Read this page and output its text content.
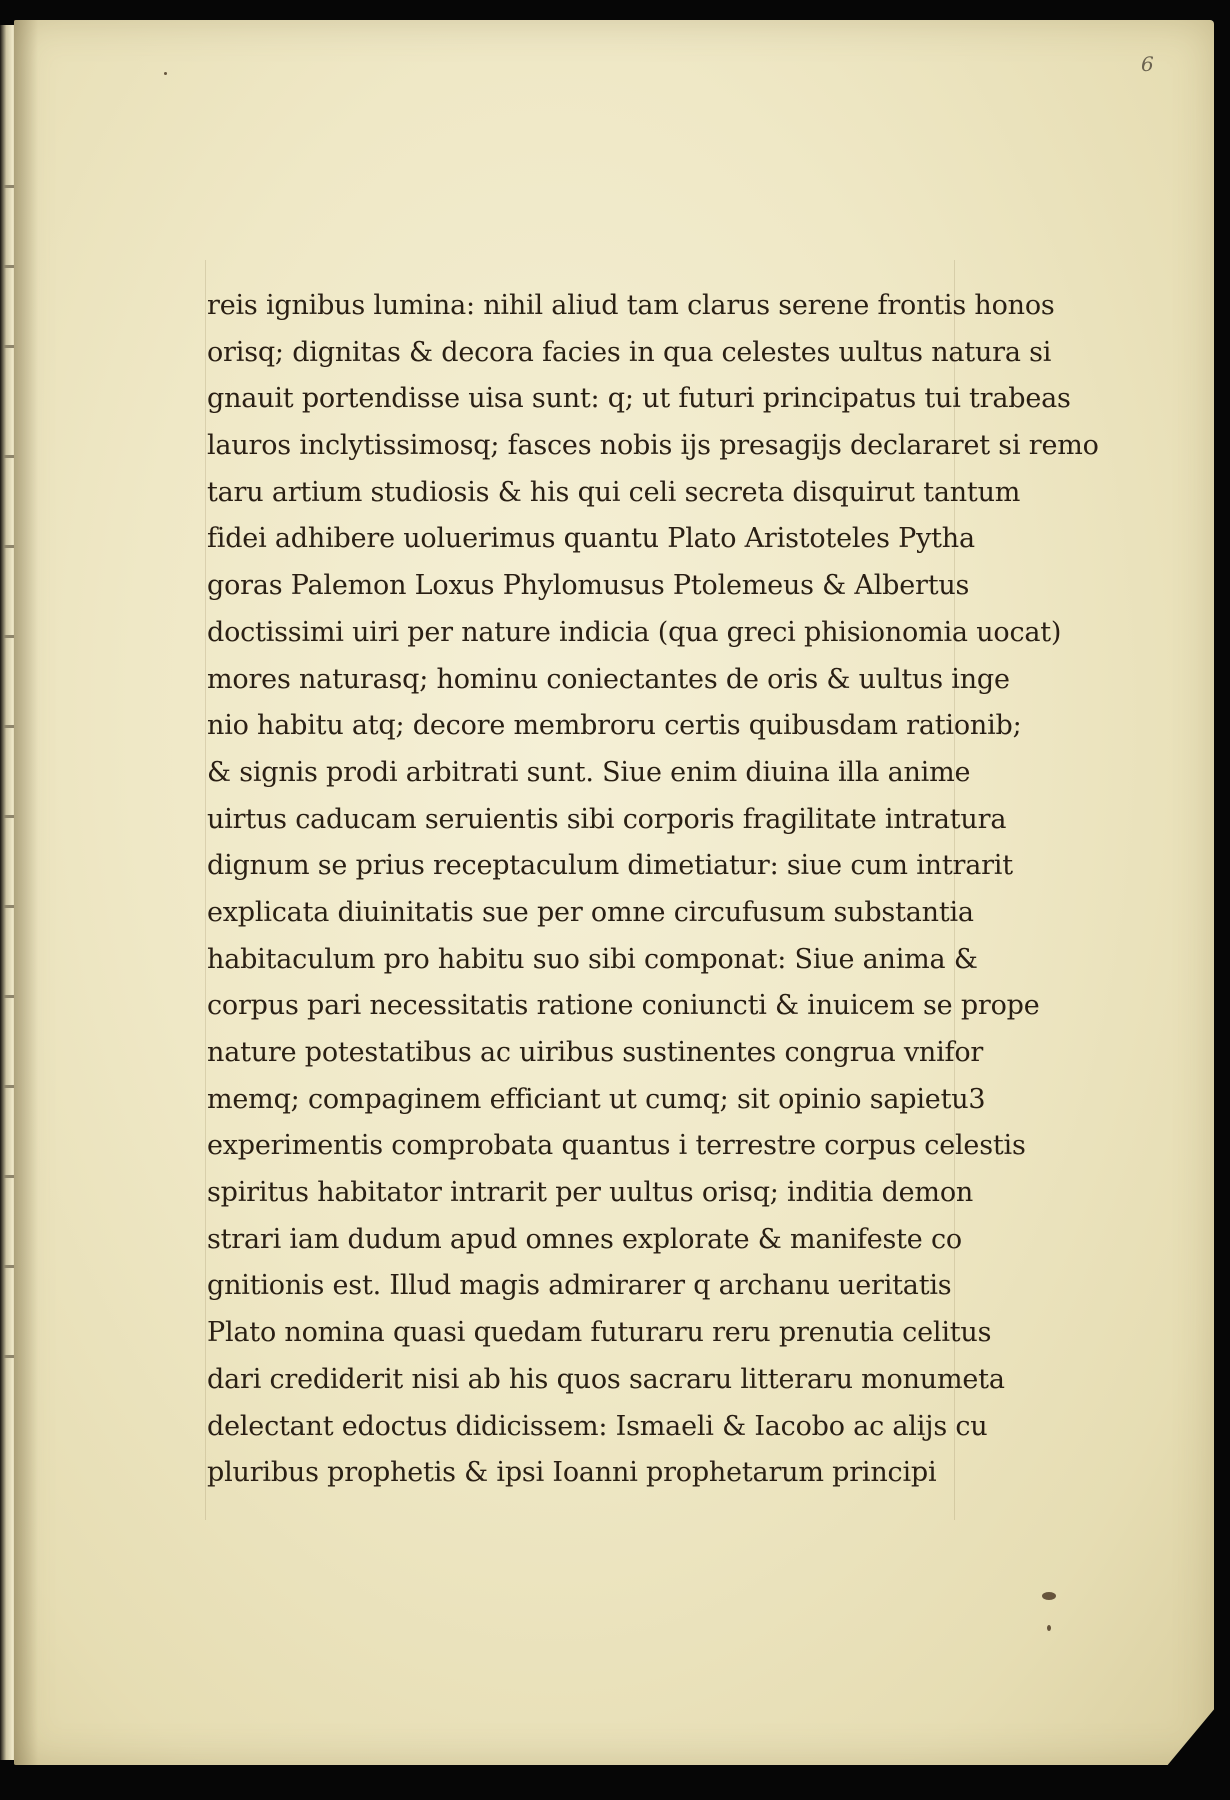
6
reis ignibus lumina: nihil aliud tam clarus serene frontis honos
orisq; dignitas & decora facies in qua celestes uultus natura si
gnauit portendisse uisa sunt: q; ut futuri principatus tui trabeas
lauros inclytissimosq; fasces nobis ijs presagijs declararet si remo
taru artium studiosis & his qui celi secreta disquirut tantum
fidei adhibere uoluerimus quantu Plato Aristoteles Pytha
goras Palemon Loxus Phylomusus Ptolemeus & Albertus
doctissimi uiri per nature indicia (qua greci phisionomia uocat)
mores naturasq; hominu coniectantes de oris & uultus inge
nio habitu atq; decore membroru certis quibusdam rationib;
& signis prodi arbitrati sunt. Siue enim diuina illa anime
uirtus caducam seruientis sibi corporis fragilitate intratura
dignum se prius receptaculum dimetiatur: siue cum intrarit
explicata diuinitatis sue per omne circufusum substantia
habitaculum pro habitu suo sibi componat: Siue anima &
corpus pari necessitatis ratione coniuncti & inuicem se prope
nature potestatibus ac uiribus sustinentes congrua vnifor
memq; compaginem efficiant ut cumq; sit opinio sapietu3
experimentis comprobata quantus i terrestre corpus celestis
spiritus habitator intrarit per uultus orisq; inditia demon
strari iam dudum apud omnes explorate & manifeste co
gnitionis est. Illud magis admirarer q archanu ueritatis
Plato nomina quasi quedam futuraru reru prenutia celitus
dari crediderit nisi ab his quos sacraru litteraru monumeta
delectant edoctus didicissem: Ismaeli & Iacobo ac alijs cu
pluribus prophetis & ipsi Ioanni prophetarum principi
